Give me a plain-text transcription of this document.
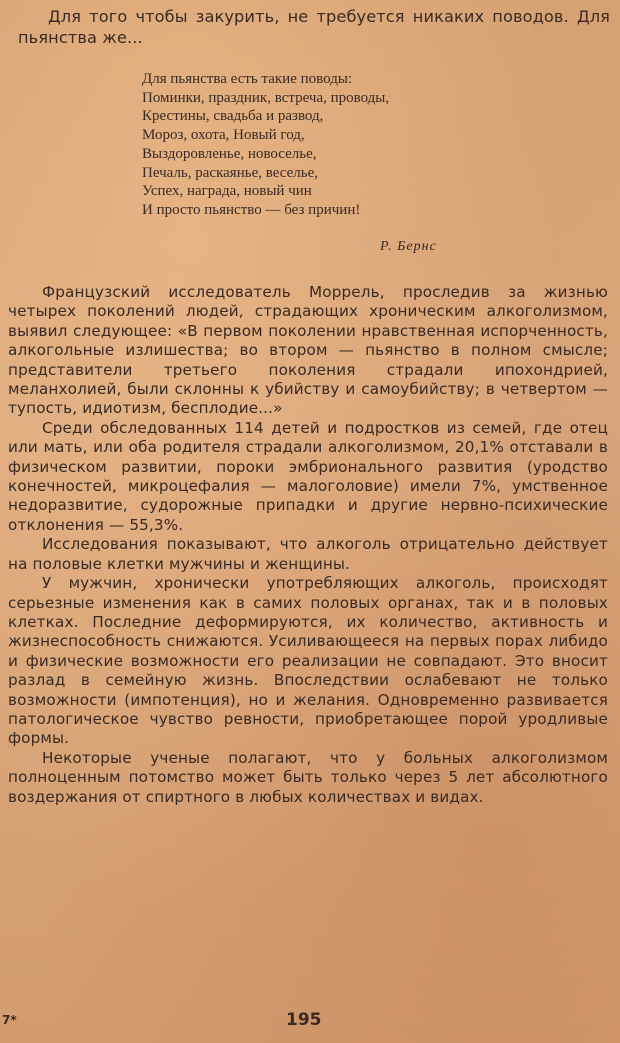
Для того чтобы закурить, не требуется никаких поводов. Для пьянства же...
Для пьянства есть такие поводы:
Поминки, праздник, встреча, проводы,
Крестины, свадьба и развод,
Мороз, охота, Новый год,
Выздоровленье, новоселье,
Печаль, раскаянье, веселье,
Успех, награда, новый чин
И просто пьянство — без причин!
Р. Бернс

Французский исследователь Моррель, проследив за жизнью четырех поколений людей, страдающих хроническим алкоголизмом, выявил следующее: «В первом поколении нравственная испорченность, алкогольные излишества; во втором — пьянство в полном смысле; представители третьего поколения страдали ипохондрией, меланхолией, были склонны к убийству и самоубийству; в четвертом — тупость, идиотизм, бесплодие...»

Среди обследованных 114 детей и подростков из семей, где отец или мать, или оба родителя страдали алкоголизмом, 20,1% отставали в физическом развитии, пороки эмбрионального развития (уродство конечностей, микроцефалия — малоголовие) имели 7%, умственное недоразвитие, судорожные припадки и другие нервно-психические отклонения — 55,3%.

Исследования показывают, что алкоголь отрицательно действует на половые клетки мужчины и женщины.

У мужчин, хронически употребляющих алкоголь, происходят серьезные изменения как в самих половых органах, так и в половых клетках. Последние деформируются, их количество, активность и жизнеспособность снижаются. Усиливающееся на первых порах либидо и физические возможности его реализации не совпадают. Это вносит разлад в семейную жизнь. Впоследствии ослабевают не только возможности (импотенция), но и желания. Одновременно развивается патологическое чувство ревности, приобретающее порой уродливые формы.

Некоторые ученые полагают, что у больных алкоголизмом полноценным потомство может быть только через 5 лет абсолютного воздержания от спиртного в любых количествах и видах.

7*	195
